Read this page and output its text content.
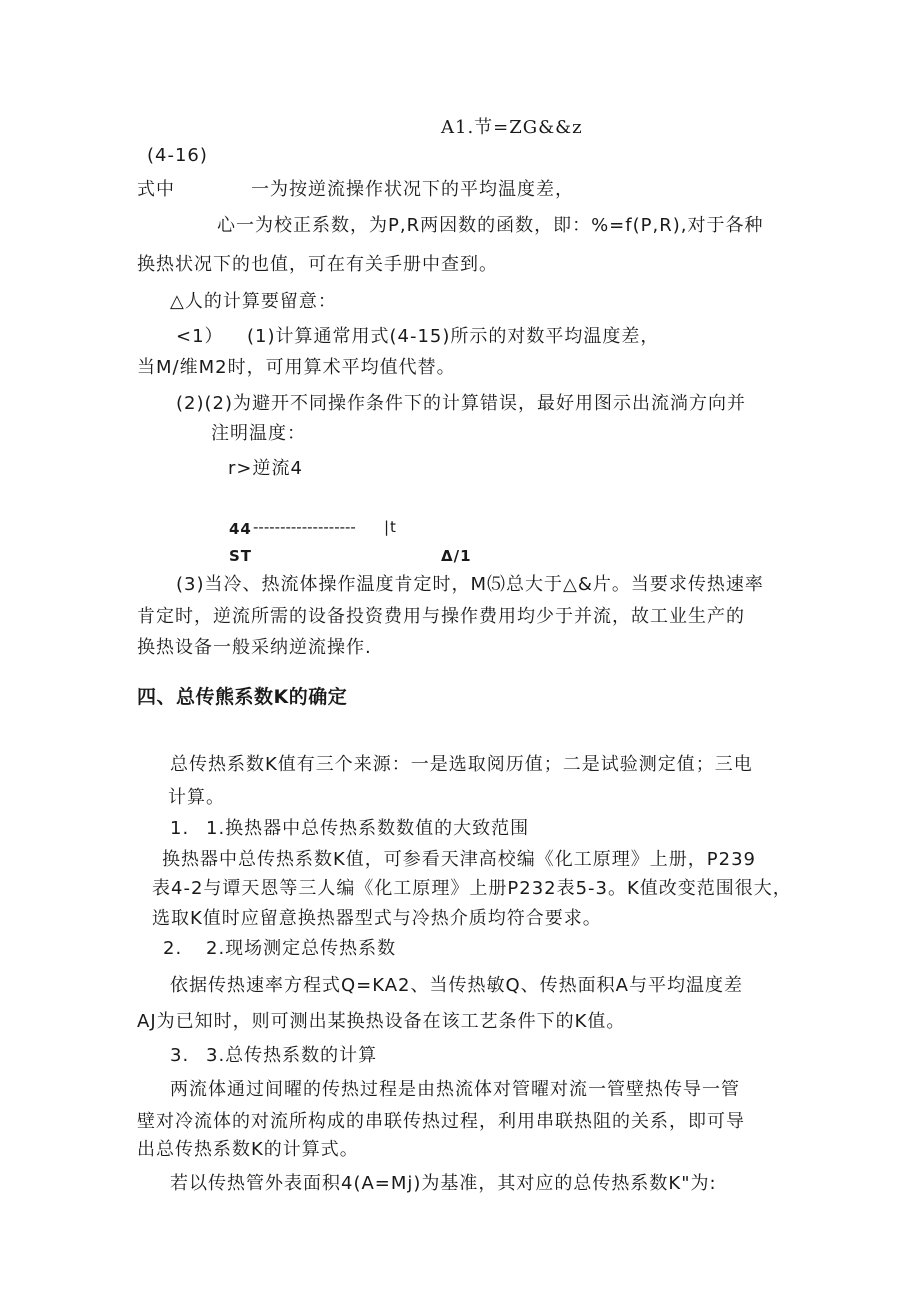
A1.节=ZG&&z
(4-16)
式中	一为按逆流操作状况下的平均温度差，
心一为校正系数，为P,R两因数的函数，即：%=f(P,R),对于各种
换热状况下的也值，可在有关手册中查到。
△人的计算要留意：
<1） (1)计算通常用式(4-15)所示的对数平均温度差，
当M/维M2时，可用算术平均值代替。
(2)(2)为避开不同操作条件下的计算错误，最好用图示出流淌方向并
注明温度：
r>逆流4
44 ------------------- |t
ST	Δ/1
(3)当冷、热流体操作温度肯定时，M⑸总大于△&片。当要求传热速率
肯定时，逆流所需的设备投资费用与操作费用均少于并流，故工业生产的
换热设备一般采纳逆流操作.
四、总传熊系数K的确定
总传热系数K值有三个来源：一是选取阅历值；二是试验测定值；三电
计算。
1. 1.换热器中总传热系数数值的大致范围
换热器中总传热系数K值，可参看天津高校编《化工原理》上册，P239
表4-2与谭天恩等三人编《化工原理》上册P232表5-3。K值改变范围很大，
选取K值时应留意换热器型式与冷热介质均符合要求。
2. 2.现场测定总传热系数
依据传热速率方程式Q=KA2、当传热敏Q、传热面积A与平均温度差
AJ为已知时，则可测出某换热设备在该工艺条件下的K值。
3. 3.总传热系数的计算
两流体通过间曜的传热过程是由热流体对管曜对流一管壁热传导一管
壁对冷流体的对流所构成的串联传热过程，利用串联热阻的关系，即可导
出总传热系数K的计算式。
若以传热管外表面积4(A=Mj)为基准，其对应的总传热系数K"为:
